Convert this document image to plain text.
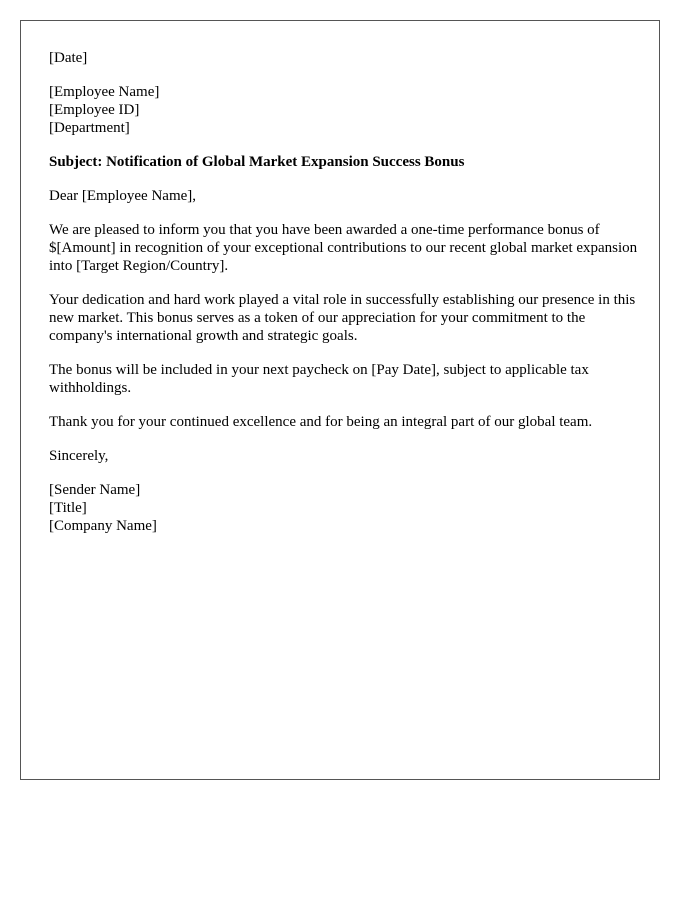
[Date]
[Employee Name]
[Employee ID]
[Department]
Subject: Notification of Global Market Expansion Success Bonus
Dear [Employee Name],

We are pleased to inform you that you have been awarded a one-time performance bonus of $[Amount] in recognition of your exceptional contributions to our recent global market expansion into [Target Region/Country].

Your dedication and hard work played a vital role in successfully establishing our presence in this new market. This bonus serves as a token of our appreciation for your commitment to the company's international growth and strategic goals.

The bonus will be included in your next paycheck on [Pay Date], subject to applicable tax withholdings.

Thank you for your continued excellence and for being an integral part of our global team.

Sincerely,
[Sender Name]
[Title]
[Company Name]
